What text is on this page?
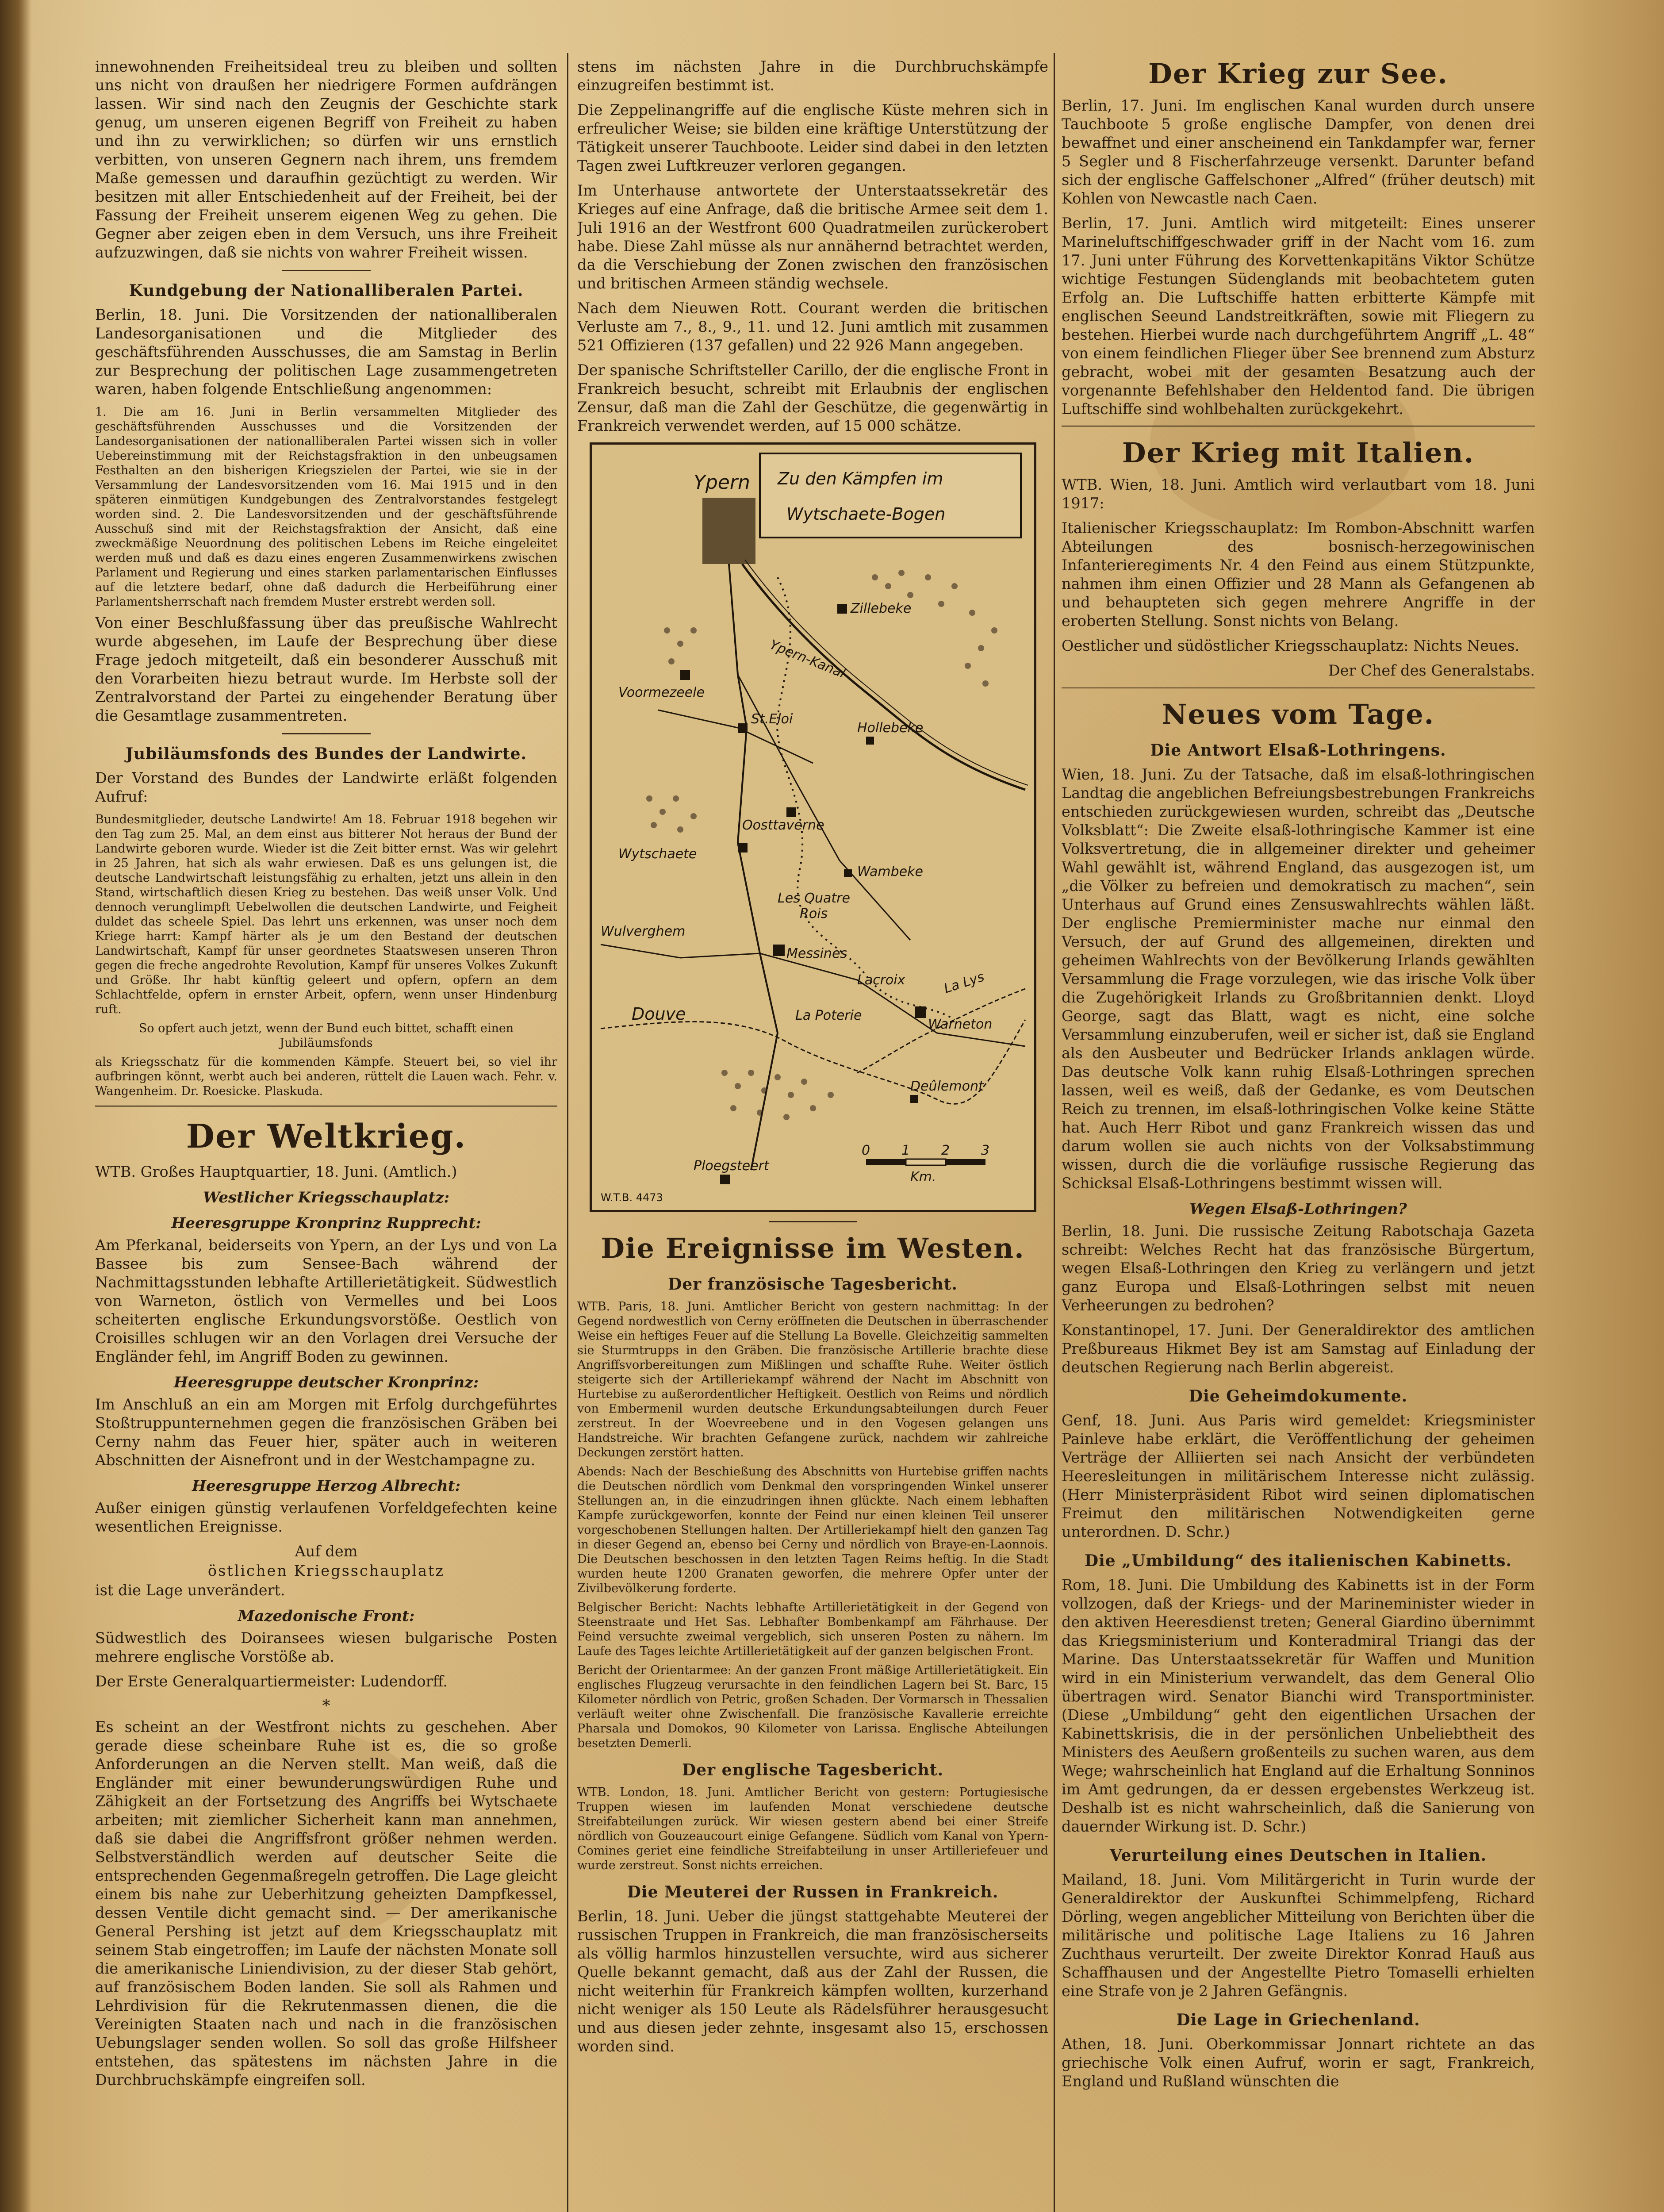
innewohnenden Freiheitsideal treu zu bleiben und sollten uns nicht von draußen her niedrigere Formen aufdrängen lassen. Wir sind nach den Zeugnis der Geschichte stark genug, um unseren eigenen Begriff von Freiheit zu haben und ihn zu verwirklichen; so dürfen wir uns ernstlich verbitten, von unseren Gegnern nach ihrem, uns fremdem Maße gemessen und daraufhin gezüchtigt zu werden. Wir besitzen mit aller Entschiedenheit auf der Freiheit, bei der Fassung der Freiheit unserem eigenen Weg zu gehen. Die Gegner aber zeigen eben in dem Versuch, uns ihre Freiheit aufzuzwingen, daß sie nichts von wahrer Freiheit wissen.

Kundgebung der Nationalliberalen Partei.

Berlin, 18. Juni. Die Vorsitzenden der nationalliberalen Landesorganisationen und die Mitglieder des geschäftsführenden Ausschusses, die am Samstag in Berlin zur Besprechung der politischen Lage zusammengetreten waren, haben folgende Entschließung angenommen:

1. Die am 16. Juni in Berlin versammelten Mitglieder des geschäftsführenden Ausschusses und die Vorsitzenden der Landesorganisationen der nationalliberalen Partei wissen sich in voller Uebereinstimmung mit der Reichstagsfraktion in den unbeugsamen Festhalten an den bisherigen Kriegszielen der Partei, wie sie in der Versammlung der Landesvorsitzenden vom 16. Mai 1915 und in den späteren einmütigen Kundgebungen des Zentralvorstandes festgelegt worden sind. 2. Die Landesvorsitzenden und der geschäftsführende Ausschuß sind mit der Reichstagsfraktion der Ansicht, daß eine zweckmäßige Neuordnung des politischen Lebens im Reiche eingeleitet werden muß und daß es dazu eines engeren Zusammenwirkens zwischen Parlament und Regierung und eines starken parlamentarischen Einflusses auf die letztere bedarf, ohne daß dadurch die Herbeiführung einer Parlamentsherrschaft nach fremdem Muster erstrebt werden soll.

Von einer Beschlußfassung über das preußische Wahlrecht wurde abgesehen, im Laufe der Besprechung über diese Frage jedoch mitgeteilt, daß ein besonderer Ausschuß mit den Vorarbeiten hiezu betraut wurde. Im Herbste soll der Zentralvorstand der Partei zu eingehender Beratung über die Gesamtlage zusammentreten.

Jubiläumsfonds des Bundes der Landwirte.

Der Vorstand des Bundes der Landwirte erläßt folgenden Aufruf:

Bundesmitglieder, deutsche Landwirte! Am 18. Februar 1918 begehen wir den Tag zum 25. Mal, an dem einst aus bitterer Not heraus der Bund der Landwirte geboren wurde. Wieder ist die Zeit bitter ernst. Was wir gelehrt in 25 Jahren, hat sich als wahr erwiesen. Daß es uns gelungen ist, die deutsche Landwirtschaft leistungsfähig zu erhalten, jetzt uns allein in den Stand, wirtschaftlich diesen Krieg zu bestehen. Das weiß unser Volk. Und dennoch verunglimpft Uebelwollen die deutschen Landwirte, und Feigheit duldet das scheele Spiel. Das lehrt uns erkennen, was unser noch dem Kriege harrt: Kampf härter als je um den Bestand der deutschen Landwirtschaft, Kampf für unser geordnetes Staatswesen unseren Thron gegen die freche angedrohte Revolution, Kampf für unseres Volkes Zukunft und Größe. Ihr habt künftig geleert und opfern, opfern an dem Schlachtfelde, opfern in ernster Arbeit, opfern, wenn unser Hindenburg ruft.

So opfert auch jetzt, wenn der Bund euch bittet, schafft einen Jubiläumsfonds

als Kriegsschatz für die kommenden Kämpfe. Steuert bei, so viel ihr aufbringen könnt, werbt auch bei anderen, rüttelt die Lauen wach. Fehr. v. Wangenheim. Dr. Roesicke. Plaskuda.

Der Weltkrieg.

WTB. Großes Hauptquartier, 18. Juni. (Amtlich.)

Westlicher Kriegsschauplatz:
Heeresgruppe Kronprinz Rupprecht:

Am Pferkanal, beiderseits von Ypern, an der Lys und von La Bassee bis zum Sensee-Bach während der Nachmittagsstunden lebhafte Artillerietätigkeit. Südwestlich von Warneton, östlich von Vermelles und bei Loos scheiterten englische Erkundungsvorstöße. Oestlich von Croisilles schlugen wir an den Vorlagen drei Versuche der Engländer fehl, im Angriff Boden zu gewinnen.

Heeresgruppe deutscher Kronprinz:

Im Anschluß an ein am Morgen mit Erfolg durchgeführtes Stoßtruppunternehmen gegen die französischen Gräben bei Cerny nahm das Feuer hier, später auch in weiteren Abschnitten der Aisnefront und in der Westchampagne zu.

Heeresgruppe Herzog Albrecht:

Außer einigen günstig verlaufenen Vorfeldgefechten keine wesentlichen Ereignisse.

Auf dem

östlichen Kriegsschauplatz

ist die Lage unverändert.

Mazedonische Front:

Südwestlich des Doiransees wiesen bulgarische Posten mehrere englische Vorstöße ab.

Der Erste Generalquartiermeister: Ludendorff.

*

Es scheint an der Westfront nichts zu geschehen. Aber gerade diese scheinbare Ruhe ist es, die so große Anforderungen an die Nerven stellt. Man weiß, daß die Engländer mit einer bewunderungswürdigen Ruhe und Zähigkeit an der Fortsetzung des Angriffs bei Wytschaete arbeiten; mit ziemlicher Sicherheit kann man annehmen, daß sie dabei die Angriffsfront größer nehmen werden. Selbstverständlich werden auf deutscher Seite die entsprechenden Gegenmaßregeln getroffen. Die Lage gleicht einem bis nahe zur Ueberhitzung geheizten Dampfkessel, dessen Ventile dicht gemacht sind. — Der amerikanische General Pershing ist jetzt auf dem Kriegsschauplatz mit seinem Stab eingetroffen; im Laufe der nächsten Monate soll die amerikanische Liniendivision, zu der dieser Stab gehört, auf französischem Boden landen. Sie soll als Rahmen und Lehrdivision für die Rekrutenmassen dienen, die die Vereinigten Staaten nach und nach in die französischen Uebungslager senden wollen. So soll das große Hilfsheer entstehen, das spätestens im nächsten Jahre in die Durchbruchskämpfe eingreifen soll.

stens im nächsten Jahre in die Durchbruchskämpfe einzugreifen bestimmt ist.

Die Zeppelinangriffe auf die englische Küste mehren sich in erfreulicher Weise; sie bilden eine kräftige Unterstützung der Tätigkeit unserer Tauchboote. Leider sind dabei in den letzten Tagen zwei Luftkreuzer verloren gegangen.

Im Unterhause antwortete der Unterstaatssekretär des Krieges auf eine Anfrage, daß die britische Armee seit dem 1. Juli 1916 an der Westfront 600 Quadratmeilen zurückerobert habe. Diese Zahl müsse als nur annähernd betrachtet werden, da die Verschiebung der Zonen zwischen den französischen und britischen Armeen ständig wechsele.

Nach dem Nieuwen Rott. Courant werden die britischen Verluste am 7., 8., 9., 11. und 12. Juni amtlich mit zusammen 521 Offizieren (137 gefallen) und 22 926 Mann angegeben.

Der spanische Schriftsteller Carillo, der die englische Front in Frankreich besucht, schreibt mit Erlaubnis der englischen Zensur, daß man die Zahl der Geschütze, die gegenwärtig in Frankreich verwendet werden, auf 15 000 schätze.

Zu den Kämpfen im
Wytschaete-Bogen
Ypern
Zillebeke
Voormezeele
Ypern-Kanal
St.Eloi
Hollebeke
Oosttaverne
Wytschaete
Wambeke
Les Quatre
Rois
Wulverghem
Messines
Lacroix	La Lys
Douve	La Poterie
Warneton
Deûlemont
Ploegsteert
0 1 2 3
Km.
W.T.B. 4473
Die Ereignisse im Westen.
Der französische Tagesbericht.

WTB. Paris, 18. Juni. Amtlicher Bericht von gestern nachmittag: In der Gegend nordwestlich von Cerny eröffneten die Deutschen in überraschender Weise ein heftiges Feuer auf die Stellung La Bovelle. Gleichzeitig sammelten sie Sturmtrupps in den Gräben. Die französische Artillerie brachte diese Angriffsvorbereitungen zum Mißlingen und schaffte Ruhe. Weiter östlich steigerte sich der Artilleriekampf während der Nacht im Abschnitt von Hurtebise zu außerordentlicher Heftigkeit. Oestlich von Reims und nördlich von Embermenil wurden deutsche Erkundungsabteilungen durch Feuer zerstreut. In der Woevreebene und in den Vogesen gelangen uns Handstreiche. Wir brachten Gefangene zurück, nachdem wir zahlreiche Deckungen zerstört hatten.

Abends: Nach der Beschießung des Abschnitts von Hurtebise griffen nachts die Deutschen nördlich vom Denkmal den vorspringenden Winkel unserer Stellungen an, in die einzudringen ihnen glückte. Nach einem lebhaften Kampfe zurückgeworfen, konnte der Feind nur einen kleinen Teil unserer vorgeschobenen Stellungen halten. Der Artilleriekampf hielt den ganzen Tag in dieser Gegend an, ebenso bei Cerny und nördlich von Braye-en-Laonnois. Die Deutschen beschossen in den letzten Tagen Reims heftig. In die Stadt wurden heute 1200 Granaten geworfen, die mehrere Opfer unter der Zivilbevölkerung forderte.

Belgischer Bericht: Nachts lebhafte Artillerietätigkeit in der Gegend von Steenstraate und Het Sas. Lebhafter Bombenkampf am Fährhause. Der Feind versuchte zweimal vergeblich, sich unseren Posten zu nähern. Im Laufe des Tages leichte Artillerietätigkeit auf der ganzen belgischen Front.

Bericht der Orientarmee: An der ganzen Front mäßige Artillerietätigkeit. Ein englisches Flugzeug verursachte in den feindlichen Lagern bei St. Barc, 15 Kilometer nördlich von Petric, großen Schaden. Der Vormarsch in Thessalien verläuft weiter ohne Zwischenfall. Die französische Kavallerie erreichte Pharsala und Domokos, 90 Kilometer von Larissa. Englische Abteilungen besetzten Demerli.

Der englische Tagesbericht.

WTB. London, 18. Juni. Amtlicher Bericht von gestern: Portugiesische Truppen wiesen im laufenden Monat verschiedene deutsche Streifabteilungen zurück. Wir wiesen gestern abend bei einer Streife nördlich von Gouzeaucourt einige Gefangene. Südlich vom Kanal von Ypern-Comines geriet eine feindliche Streifabteilung in unser Artilleriefeuer und wurde zerstreut. Sonst nichts erreichen.

Die Meuterei der Russen in Frankreich.

Berlin, 18. Juni. Ueber die jüngst stattgehabte Meuterei der russischen Truppen in Frankreich, die man französischerseits als völlig harmlos hinzustellen versuchte, wird aus sicherer Quelle bekannt gemacht, daß aus der Zahl der Russen, die nicht weiterhin für Frankreich kämpfen wollten, kurzerhand nicht weniger als 150 Leute als Rädelsführer herausgesucht und aus diesen jeder zehnte, insgesamt also 15, erschossen worden sind.

Der Krieg zur See.

Berlin, 17. Juni. Im englischen Kanal wurden durch unsere Tauchboote 5 große englische Dampfer, von denen drei bewaffnet und einer anscheinend ein Tankdampfer war, ferner 5 Segler und 8 Fischerfahrzeuge versenkt. Darunter befand sich der englische Gaffelschoner „Alfred“ (früher deutsch) mit Kohlen von Newcastle nach Caen.

Berlin, 17. Juni. Amtlich wird mitgeteilt: Eines unserer Marineluftschiffgeschwader griff in der Nacht vom 16. zum 17. Juni unter Führung des Korvettenkapitäns Viktor Schütze wichtige Festungen Südenglands mit beobachtetem guten Erfolg an. Die Luftschiffe hatten erbitterte Kämpfe mit englischen Seeund Landstreitkräften, sowie mit Fliegern zu bestehen. Hierbei wurde nach durchgeführtem Angriff „L. 48“ von einem feindlichen Flieger über See brennend zum Absturz gebracht, wobei mit der gesamten Besatzung auch der vorgenannte Befehlshaber den Heldentod fand. Die übrigen Luftschiffe sind wohlbehalten zurückgekehrt.

Der Krieg mit Italien.

WTB. Wien, 18. Juni. Amtlich wird verlautbart vom 18. Juni 1917:

Italienischer Kriegsschauplatz: Im Rombon-Abschnitt warfen Abteilungen des bosnisch-herzegowinischen Infanterieregiments Nr. 4 den Feind aus einem Stützpunkte, nahmen ihm einen Offizier und 28 Mann als Gefangenen ab und behaupteten sich gegen mehrere Angriffe in der eroberten Stellung. Sonst nichts von Belang.

Oestlicher und südöstlicher Kriegsschauplatz: Nichts Neues.

Der Chef des Generalstabs.

Neues vom Tage.
Die Antwort Elsaß-Lothringens.

Wien, 18. Juni. Zu der Tatsache, daß im elsaß-lothringischen Landtag die angeblichen Befreiungsbestrebungen Frankreichs entschieden zurückgewiesen wurden, schreibt das „Deutsche Volksblatt“: Die Zweite elsaß-lothringische Kammer ist eine Volksvertretung, die in allgemeiner direkter und geheimer Wahl gewählt ist, während England, das ausgezogen ist, um „die Völker zu befreien und demokratisch zu machen“, sein Unterhaus auf Grund eines Zensuswahlrechts wählen läßt. Der englische Premierminister mache nur einmal den Versuch, der auf Grund des allgemeinen, direkten und geheimen Wahlrechts von der Bevölkerung Irlands gewählten Versammlung die Frage vorzulegen, wie das irische Volk über die Zugehörigkeit Irlands zu Großbritannien denkt. Lloyd George, sagt das Blatt, wagt es nicht, eine solche Versammlung einzuberufen, weil er sicher ist, daß sie England als den Ausbeuter und Bedrücker Irlands anklagen würde. Das deutsche Volk kann ruhig Elsaß-Lothringen sprechen lassen, weil es weiß, daß der Gedanke, es vom Deutschen Reich zu trennen, im elsaß-lothringischen Volke keine Stätte hat. Auch Herr Ribot und ganz Frankreich wissen das und darum wollen sie auch nichts von der Volksabstimmung wissen, durch die die vorläufige russische Regierung das Schicksal Elsaß-Lothringens bestimmt wissen will.

Wegen Elsaß-Lothringen?

Berlin, 18. Juni. Die russische Zeitung Rabotschaja Gazeta schreibt: Welches Recht hat das französische Bürgertum, wegen Elsaß-Lothringen den Krieg zu verlängern und jetzt ganz Europa und Elsaß-Lothringen selbst mit neuen Verheerungen zu bedrohen?

Konstantinopel, 17. Juni. Der Generaldirektor des amtlichen Preßbureaus Hikmet Bey ist am Samstag auf Einladung der deutschen Regierung nach Berlin abgereist.

Die Geheimdokumente.

Genf, 18. Juni. Aus Paris wird gemeldet: Kriegsminister Painleve habe erklärt, die Veröffentlichung der geheimen Verträge der Alliierten sei nach Ansicht der verbündeten Heeresleitungen in militärischem Interesse nicht zulässig. (Herr Ministerpräsident Ribot wird seinen diplomatischen Freimut den militärischen Notwendigkeiten gerne unterordnen. D. Schr.)

Die „Umbildung“ des italienischen Kabinetts.

Rom, 18. Juni. Die Umbildung des Kabinetts ist in der Form vollzogen, daß der Kriegs- und der Marineminister wieder in den aktiven Heeresdienst treten; General Giardino übernimmt das Kriegsministerium und Konteradmiral Triangi das der Marine. Das Unterstaatssekretär für Waffen und Munition wird in ein Ministerium verwandelt, das dem General Olio übertragen wird. Senator Bianchi wird Transportminister. (Diese „Umbildung“ geht den eigentlichen Ursachen der Kabinettskrisis, die in der persönlichen Unbeliebtheit des Ministers des Aeußern großenteils zu suchen waren, aus dem Wege; wahrscheinlich hat England auf die Erhaltung Sonninos im Amt gedrungen, da er dessen ergebenstes Werkzeug ist. Deshalb ist es nicht wahrscheinlich, daß die Sanierung von dauernder Wirkung ist. D. Schr.)

Verurteilung eines Deutschen in Italien.

Mailand, 18. Juni. Vom Militärgericht in Turin wurde der Generaldirektor der Auskunftei Schimmelpfeng, Richard Dörling, wegen angeblicher Mitteilung von Berichten über die militärische und politische Lage Italiens zu 16 Jahren Zuchthaus verurteilt. Der zweite Direktor Konrad Hauß aus Schaffhausen und der Angestellte Pietro Tomaselli erhielten eine Strafe von je 2 Jahren Gefängnis.

Die Lage in Griechenland.

Athen, 18. Juni. Oberkommissar Jonnart richtete an das griechische Volk einen Aufruf, worin er sagt, Frankreich, England und Rußland wünschten die
